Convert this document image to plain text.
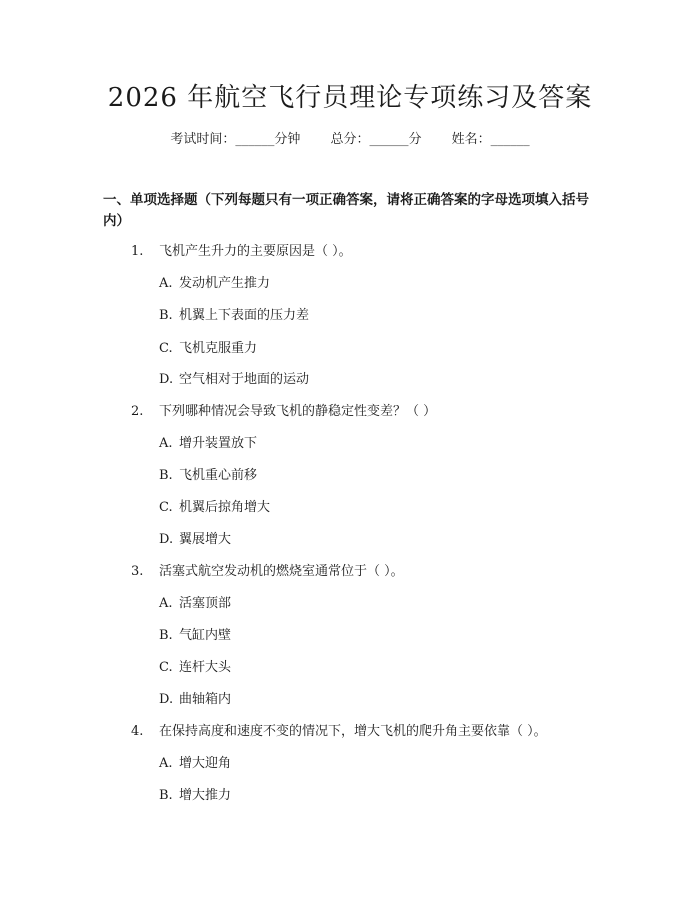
2026 年航空飞行员理论专项练习及答案
考试时间：______分钟 总分：______分 姓名：______
一、单项选择题（下列每题只有一项正确答案，请将正确答案的字母选项填入括号内）
1. 飞机产生升力的主要原因是（ ）。
A. 发动机产生推力
B. 机翼上下表面的压力差
C. 飞机克服重力
D. 空气相对于地面的运动
2. 下列哪种情况会导致飞机的静稳定性变差？（ ）
A. 增升装置放下
B. 飞机重心前移
C. 机翼后掠角增大
D. 翼展增大
3. 活塞式航空发动机的燃烧室通常位于（ ）。
A. 活塞顶部
B. 气缸内壁
C. 连杆大头
D. 曲轴箱内
4. 在保持高度和速度不变的情况下，增大飞机的爬升角主要依靠（ ）。
A. 增大迎角
B. 增大推力
